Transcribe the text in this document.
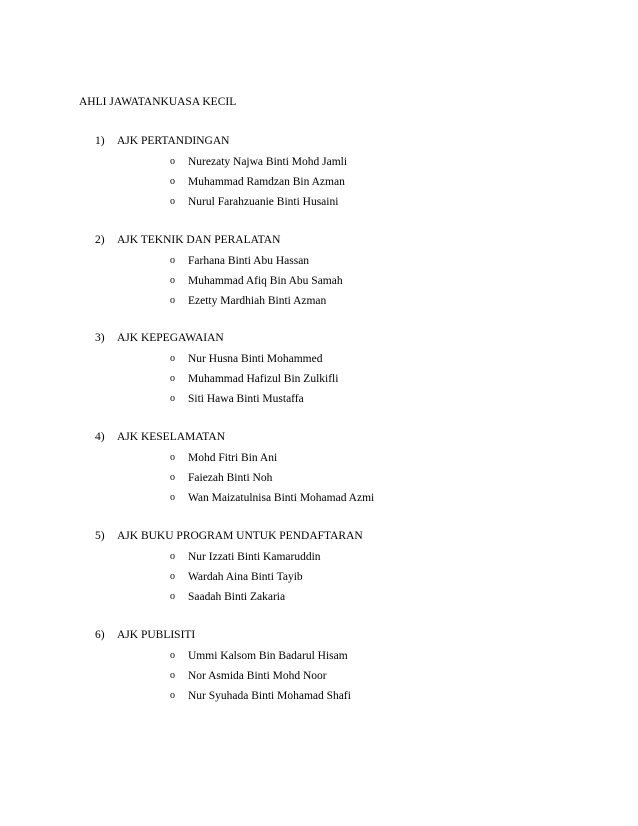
AHLI JAWATANKUASA KECIL
1) AJK PERTANDINGAN
o Nurezaty Najwa Binti Mohd Jamli
o Muhammad Ramdzan Bin Azman
o Nurul Farahzuanie Binti Husaini
2) AJK TEKNIK DAN PERALATAN
o Farhana Binti Abu Hassan
o Muhammad Afiq Bin Abu Samah
o Ezetty Mardhiah Binti Azman
3) AJK KEPEGAWAIAN
o Nur Husna Binti Mohammed
o Muhammad Hafizul Bin Zulkifli
o Siti Hawa Binti Mustaffa
4) AJK KESELAMATAN
o Mohd Fitri Bin Ani
o Faiezah Binti Noh
o Wan Maizatulnisa Binti Mohamad Azmi
5) AJK BUKU PROGRAM UNTUK PENDAFTARAN
o Nur Izzati Binti Kamaruddin
o Wardah Aina Binti Tayib
o Saadah Binti Zakaria
6) AJK PUBLISITI
o Ummi Kalsom Bin Badarul Hisam
o Nor Asmida Binti Mohd Noor
o Nur Syuhada Binti Mohamad Shafi
